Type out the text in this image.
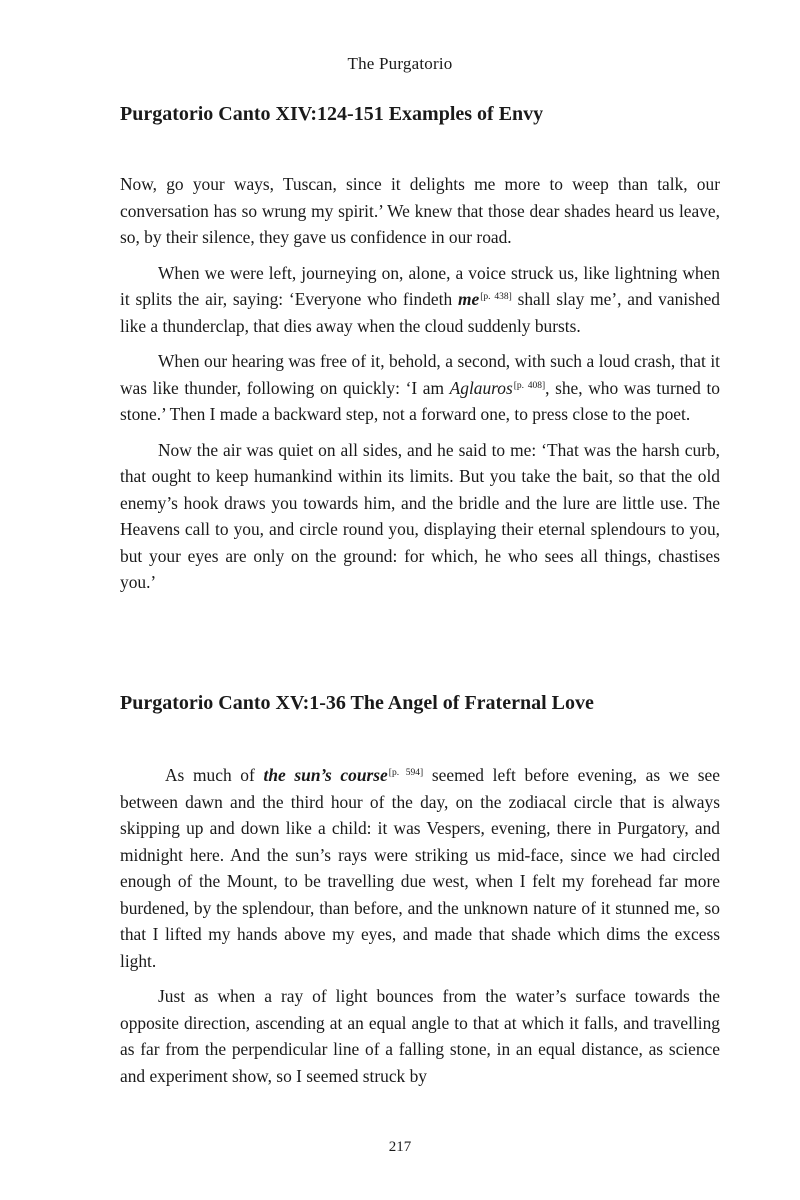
The Purgatorio
Purgatorio Canto XIV:124-151 Examples of Envy

Now, go your ways, Tuscan, since it delights me more to weep than talk, our conversation has so wrung my spirit.’ We knew that those dear shades heard us leave, so, by their silence, they gave us confidence in our road.

When we were left, journeying on, alone, a voice struck us, like lightning when it splits the air, saying: ‘Everyone who findeth me[p. 438] shall slay me’, and vanished like a thunderclap, that dies away when the cloud suddenly bursts.

When our hearing was free of it, behold, a second, with such a loud crash, that it was like thunder, following on quickly: ‘I am Aglauros[p. 408], she, who was turned to stone.’ Then I made a backward step, not a forward one, to press close to the poet.

Now the air was quiet on all sides, and he said to me: ‘That was the harsh curb, that ought to keep humankind within its limits. But you take the bait, so that the old enemy’s hook draws you towards him, and the bridle and the lure are little use. The Heavens call to you, and circle round you, displaying their eternal splendours to you, but your eyes are only on the ground: for which, he who sees all things, chastises you.’

Purgatorio Canto XV:1-36 The Angel of Fraternal Love

As much of the sun’s course[p. 594] seemed left before evening, as we see between dawn and the third hour of the day, on the zodiacal circle that is always skipping up and down like a child: it was Vespers, evening, there in Purgatory, and midnight here. And the sun’s rays were striking us mid-face, since we had circled enough of the Mount, to be travelling due west, when I felt my forehead far more burdened, by the splendour, than before, and the unknown nature of it stunned me, so that I lifted my hands above my eyes, and made that shade which dims the excess light.

Just as when a ray of light bounces from the water’s surface towards the opposite direction, ascending at an equal angle to that at which it falls, and travelling as far from the perpendicular line of a falling stone, in an equal distance, as science and experiment show, so I seemed struck by

217
